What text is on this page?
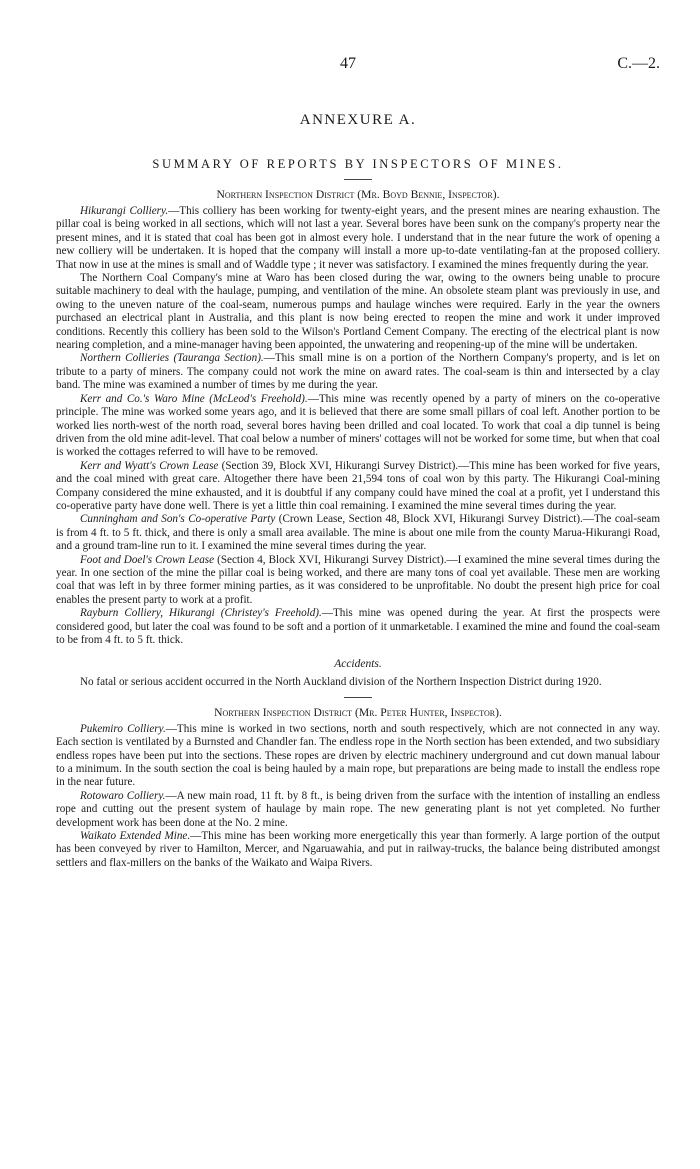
47	C.—2.
ANNEXURE A.
SUMMARY OF REPORTS BY INSPECTORS OF MINES.
Northern Inspection District (Mr. Boyd Bennie, Inspector).

Hikurangi Colliery.—This colliery has been working for twenty-eight years, and the present mines are nearing exhaustion. The pillar coal is being worked in all sections, which will not last a year. Several bores have been sunk on the company's property near the present mines, and it is stated that coal has been got in almost every hole. I understand that in the near future the work of opening a new colliery will be undertaken. It is hoped that the company will install a more up-to-date ventilating-fan at the proposed colliery. That now in use at the mines is small and of Waddle type ; it never was satisfactory. I examined the mines frequently during the year.

The Northern Coal Company's mine at Waro has been closed during the war, owing to the owners being unable to procure suitable machinery to deal with the haulage, pumping, and ventilation of the mine. An obsolete steam plant was previously in use, and owing to the uneven nature of the coal-seam, numerous pumps and haulage winches were required. Early in the year the owners purchased an electrical plant in Australia, and this plant is now being erected to reopen the mine and work it under improved conditions. Recently this colliery has been sold to the Wilson's Portland Cement Company. The erecting of the electrical plant is now nearing completion, and a mine-manager having been appointed, the unwatering and reopening-up of the mine will be undertaken.

Northern Collieries (Tauranga Section).—This small mine is on a portion of the Northern Company's property, and is let on tribute to a party of miners. The company could not work the mine on award rates. The coal-seam is thin and intersected by a clay band. The mine was examined a number of times by me during the year.

Kerr and Co.'s Waro Mine (McLeod's Freehold).—This mine was recently opened by a party of miners on the co-operative principle. The mine was worked some years ago, and it is believed that there are some small pillars of coal left. Another portion to be worked lies north-west of the north road, several bores having been drilled and coal located. To work that coal a dip tunnel is being driven from the old mine adit-level. That coal below a number of miners' cottages will not be worked for some time, but when that coal is worked the cottages referred to will have to be removed.

Kerr and Wyatt's Crown Lease (Section 39, Block XVI, Hikurangi Survey District).—This mine has been worked for five years, and the coal mined with great care. Altogether there have been 21,594 tons of coal won by this party. The Hikurangi Coal-mining Company considered the mine exhausted, and it is doubtful if any company could have mined the coal at a profit, yet I understand this co-operative party have done well. There is yet a little thin coal remaining. I examined the mine several times during the year.

Cunningham and Son's Co-operative Party (Crown Lease, Section 48, Block XVI, Hikurangi Survey District).—The coal-seam is from 4 ft. to 5 ft. thick, and there is only a small area available. The mine is about one mile from the county Marua-Hikurangi Road, and a ground tram-line run to it. I examined the mine several times during the year.

Foot and Doel's Crown Lease (Section 4, Block XVI, Hikurangi Survey District).—I examined the mine several times during the year. In one section of the mine the pillar coal is being worked, and there are many tons of coal yet available. These men are working coal that was left in by three former mining parties, as it was considered to be unprofitable. No doubt the present high price for coal enables the present party to work at a profit.

Rayburn Colliery, Hikurangi (Christey's Freehold).—This mine was opened during the year. At first the prospects were considered good, but later the coal was found to be soft and a portion of it unmarketable. I examined the mine and found the coal-seam to be from 4 ft. to 5 ft. thick.

Accidents.

No fatal or serious accident occurred in the North Auckland division of the Northern Inspection District during 1920.

Northern Inspection District (Mr. Peter Hunter, Inspector).

Pukemiro Colliery.—This mine is worked in two sections, north and south respectively, which are not connected in any way. Each section is ventilated by a Burnsted and Chandler fan. The endless rope in the North section has been extended, and two subsidiary endless ropes have been put into the sections. These ropes are driven by electric machinery underground and cut down manual labour to a minimum. In the south section the coal is being hauled by a main rope, but preparations are being made to install the endless rope in the near future.

Rotowaro Colliery.—A new main road, 11 ft. by 8 ft., is being driven from the surface with the intention of installing an endless rope and cutting out the present system of haulage by main rope. The new generating plant is not yet completed. No further development work has been done at the No. 2 mine.

Waikato Extended Mine.—This mine has been working more energetically this year than formerly. A large portion of the output has been conveyed by river to Hamilton, Mercer, and Ngaruawahia, and put in railway-trucks, the balance being distributed amongst settlers and flax-millers on the banks of the Waikato and Waipa Rivers.
